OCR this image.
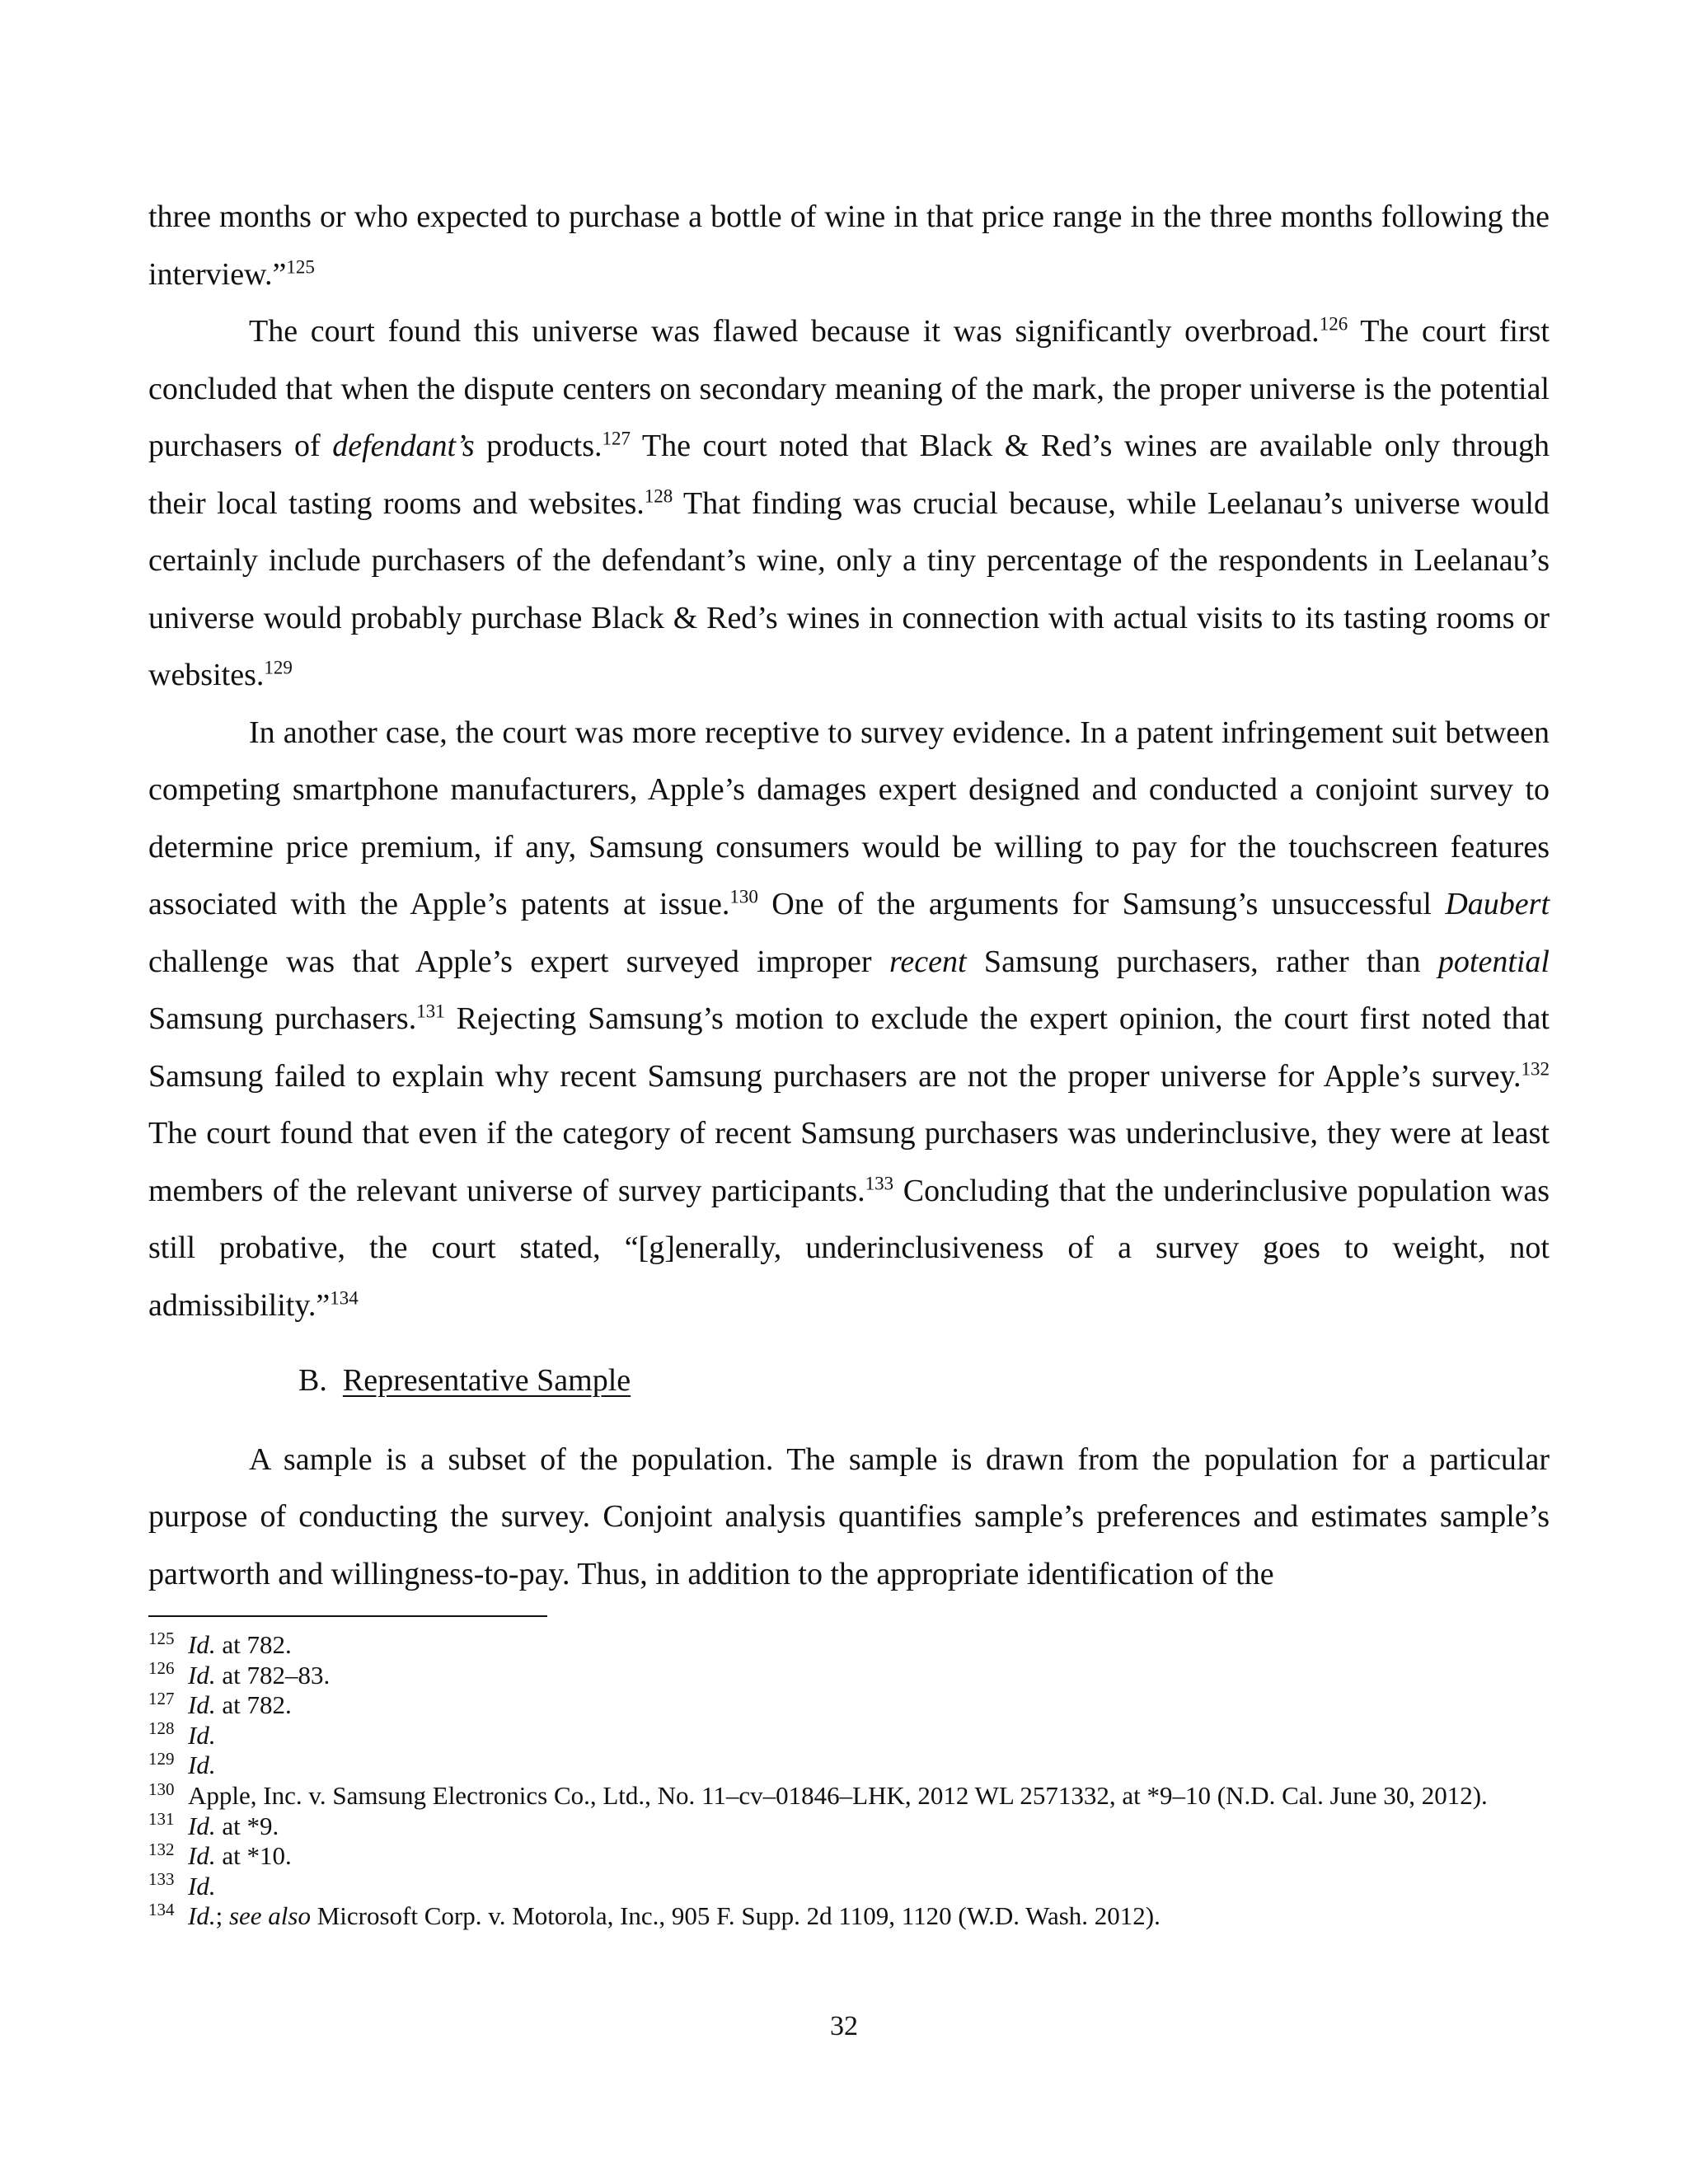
three months or who expected to purchase a bottle of wine in that price range in the three months following the interview.”$^{125}$

The court found this universe was flawed because it was significantly overbroad.$^{126}$ The court first concluded that when the dispute centers on secondary meaning of the mark, the proper universe is the potential purchasers of defendant’s products.$^{127}$ The court noted that Black & Red’s wines are available only through their local tasting rooms and websites.$^{128}$ That finding was crucial because, while Leelanau’s universe would certainly include purchasers of the defendant’s wine, only a tiny percentage of the respondents in Leelanau’s universe would probably purchase Black & Red’s wines in connection with actual visits to its tasting rooms or websites.$^{129}$

In another case, the court was more receptive to survey evidence. In a patent infringement suit between competing smartphone manufacturers, Apple’s damages expert designed and conducted a conjoint survey to determine price premium, if any, Samsung consumers would be willing to pay for the touchscreen features associated with the Apple’s patents at issue.$^{130}$ One of the arguments for Samsung’s unsuccessful Daubert challenge was that Apple’s expert surveyed improper recent Samsung purchasers, rather than potential Samsung purchasers.$^{131}$ Rejecting Samsung’s motion to exclude the expert opinion, the court first noted that Samsung failed to explain why recent Samsung purchasers are not the proper universe for Apple’s survey.$^{132}$ The court found that even if the category of recent Samsung purchasers was underinclusive, they were at least members of the relevant universe of survey participants.$^{133}$ Concluding that the underinclusive population was still probative, the court stated, “[g]enerally, underinclusiveness of a survey goes to weight, not admissibility.”$^{134}$

B. Representative Sample

A sample is a subset of the population. The sample is drawn from the population for a particular purpose of conducting the survey. Conjoint analysis quantifies sample’s preferences and estimates sample’s partworth and willingness-to-pay. Thus, in addition to the appropriate identification of the

125 Id. at 782.

126 Id. at 782–83.

127 Id. at 782.

128 Id.

129 Id.

130 Apple, Inc. v. Samsung Electronics Co., Ltd., No. 11–cv–01846–LHK, 2012 WL 2571332, at *9–10 (N.D. Cal. June 30, 2012).

131 Id. at *9.

132 Id. at *10.

133 Id.

134 Id.; see also Microsoft Corp. v. Motorola, Inc., 905 F. Supp. 2d 1109, 1120 (W.D. Wash. 2012).

32
